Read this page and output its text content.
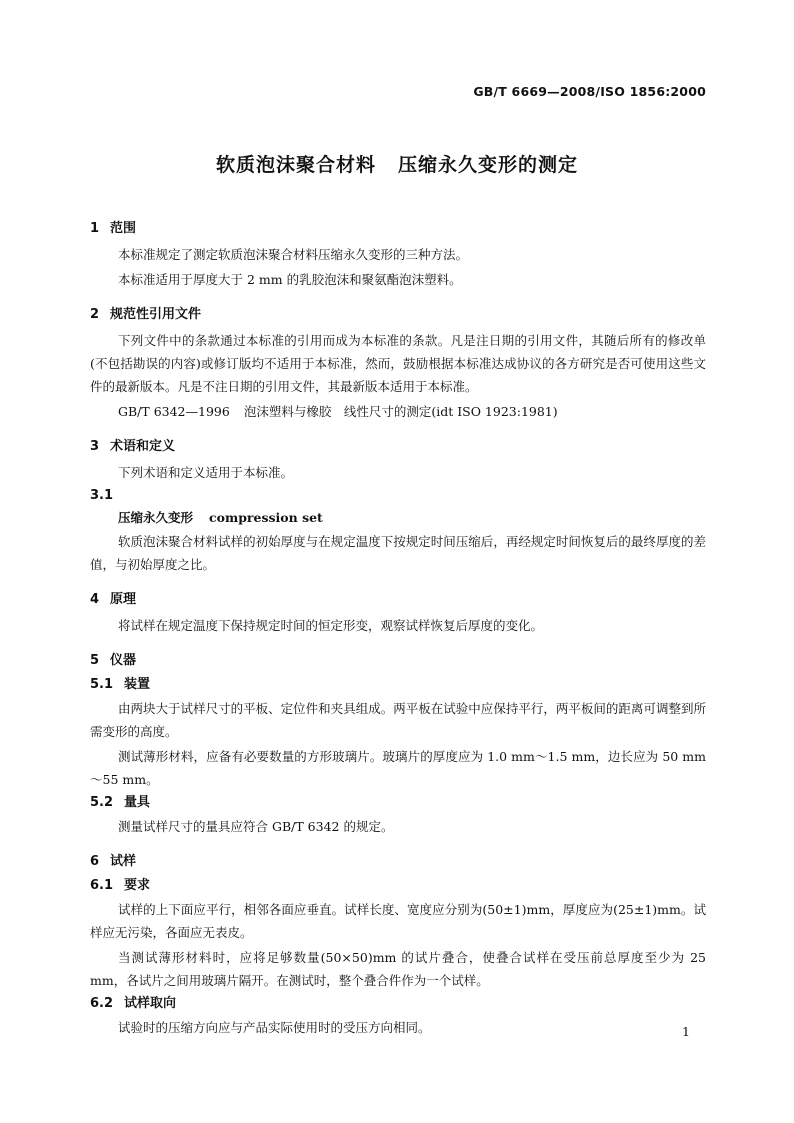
GB/T 6669—2008/ISO 1856:2000
软质泡沫聚合材料 压缩永久变形的测定
1 范围

本标准规定了测定软质泡沫聚合材料压缩永久变形的三种方法。

本标准适用于厚度大于 2 mm 的乳胶泡沫和聚氨酯泡沫塑料。

2 规范性引用文件

下列文件中的条款通过本标准的引用而成为本标准的条款。凡是注日期的引用文件，其随后所有的修改单(不包括勘误的内容)或修订版均不适用于本标准，然而，鼓励根据本标准达成协议的各方研究是否可使用这些文件的最新版本。凡是不注日期的引用文件，其最新版本适用于本标准。

GB/T 6342—1996 泡沫塑料与橡胶　线性尺寸的测定(idt ISO 1923:1981)
3 术语和定义

下列术语和定义适用于本标准。

3.1
压缩永久变形 compression set

软质泡沫聚合材料试样的初始厚度与在规定温度下按规定时间压缩后，再经规定时间恢复后的最终厚度的差值，与初始厚度之比。

4 原理

将试样在规定温度下保持规定时间的恒定形变，观察试样恢复后厚度的变化。

5 仪器
5.1 装置

由两块大于试样尺寸的平板、定位件和夹具组成。两平板在试验中应保持平行，两平板间的距离可调整到所需变形的高度。

测试薄形材料，应备有必要数量的方形玻璃片。玻璃片的厚度应为 1.0 mm～1.5 mm，边长应为 50 mm～55 mm。

5.2 量具

测量试样尺寸的量具应符合 GB/T 6342 的规定。

6 试样
6.1 要求

试样的上下面应平行，相邻各面应垂直。试样长度、宽度应分别为(50±1)mm，厚度应为(25±1)mm。试样应无污染，各面应无表皮。

当测试薄形材料时，应将足够数量(50×50)mm 的试片叠合，使叠合试样在受压前总厚度至少为 25 mm，各试片之间用玻璃片隔开。在测试时，整个叠合件作为一个试样。

6.2 试样取向

试验时的压缩方向应与产品实际使用时的受压方向相同。	1
